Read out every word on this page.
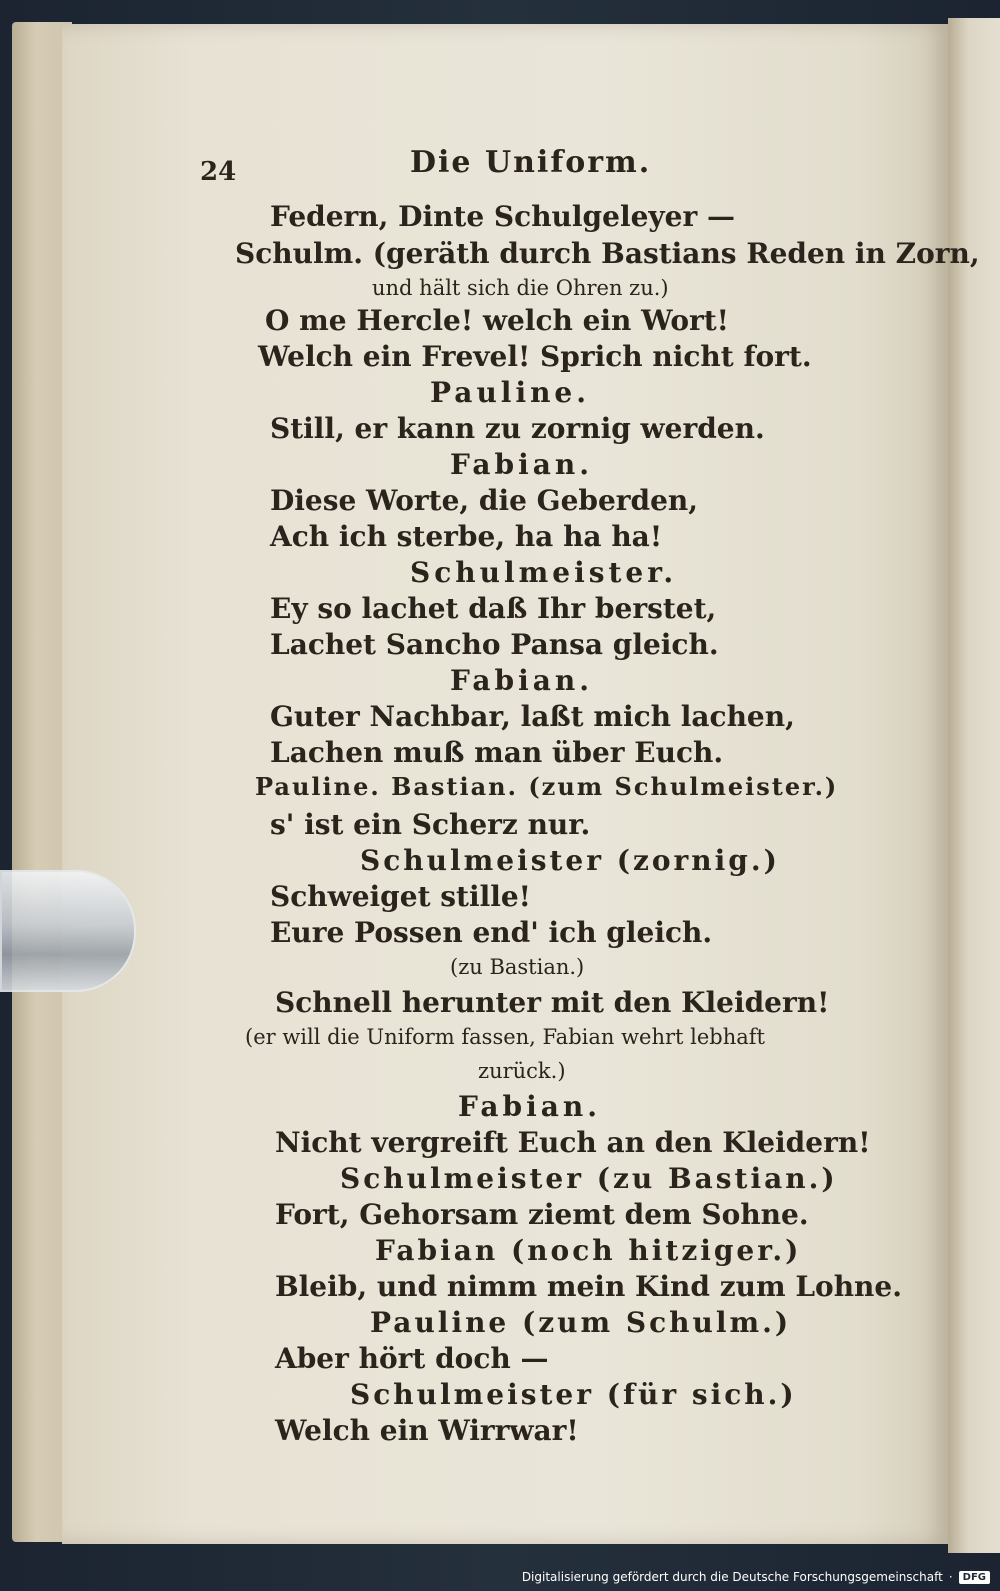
24	Die Uniform.
Federn, Dinte Schulgeleyer —
Schulm. (geräth durch Bastians Reden in Zorn,
und hält sich die Ohren zu.)
O me Hercle! welch ein Wort!
Welch ein Frevel! Sprich nicht fort.
Pauline.
Still, er kann zu zornig werden.
Fabian.
Diese Worte, die Geberden,
Ach ich sterbe, ha ha ha!
Schulmeister.
Ey so lachet daß Ihr berstet,
Lachet Sancho Pansa gleich.
Fabian.
Guter Nachbar, laßt mich lachen,
Lachen muß man über Euch.
Pauline. Bastian. (zum Schulmeister.)
s' ist ein Scherz nur.
Schulmeister (zornig.)
Schweiget stille!
Eure Possen end' ich gleich.
(zu Bastian.)
Schnell herunter mit den Kleidern!
(er will die Uniform fassen, Fabian wehrt lebhaft
zurück.)
Fabian.
Nicht vergreift Euch an den Kleidern!
Schulmeister (zu Bastian.)
Fort, Gehorsam ziemt dem Sohne.
Fabian (noch hitziger.)
Bleib, und nimm mein Kind zum Lohne.
Pauline (zum Schulm.)
Aber hört doch —
Schulmeister (für sich.)
Welch ein Wirrwar!
Digitalisierung gefördert durch die Deutsche Forschungsgemeinschaft ·	DFG
